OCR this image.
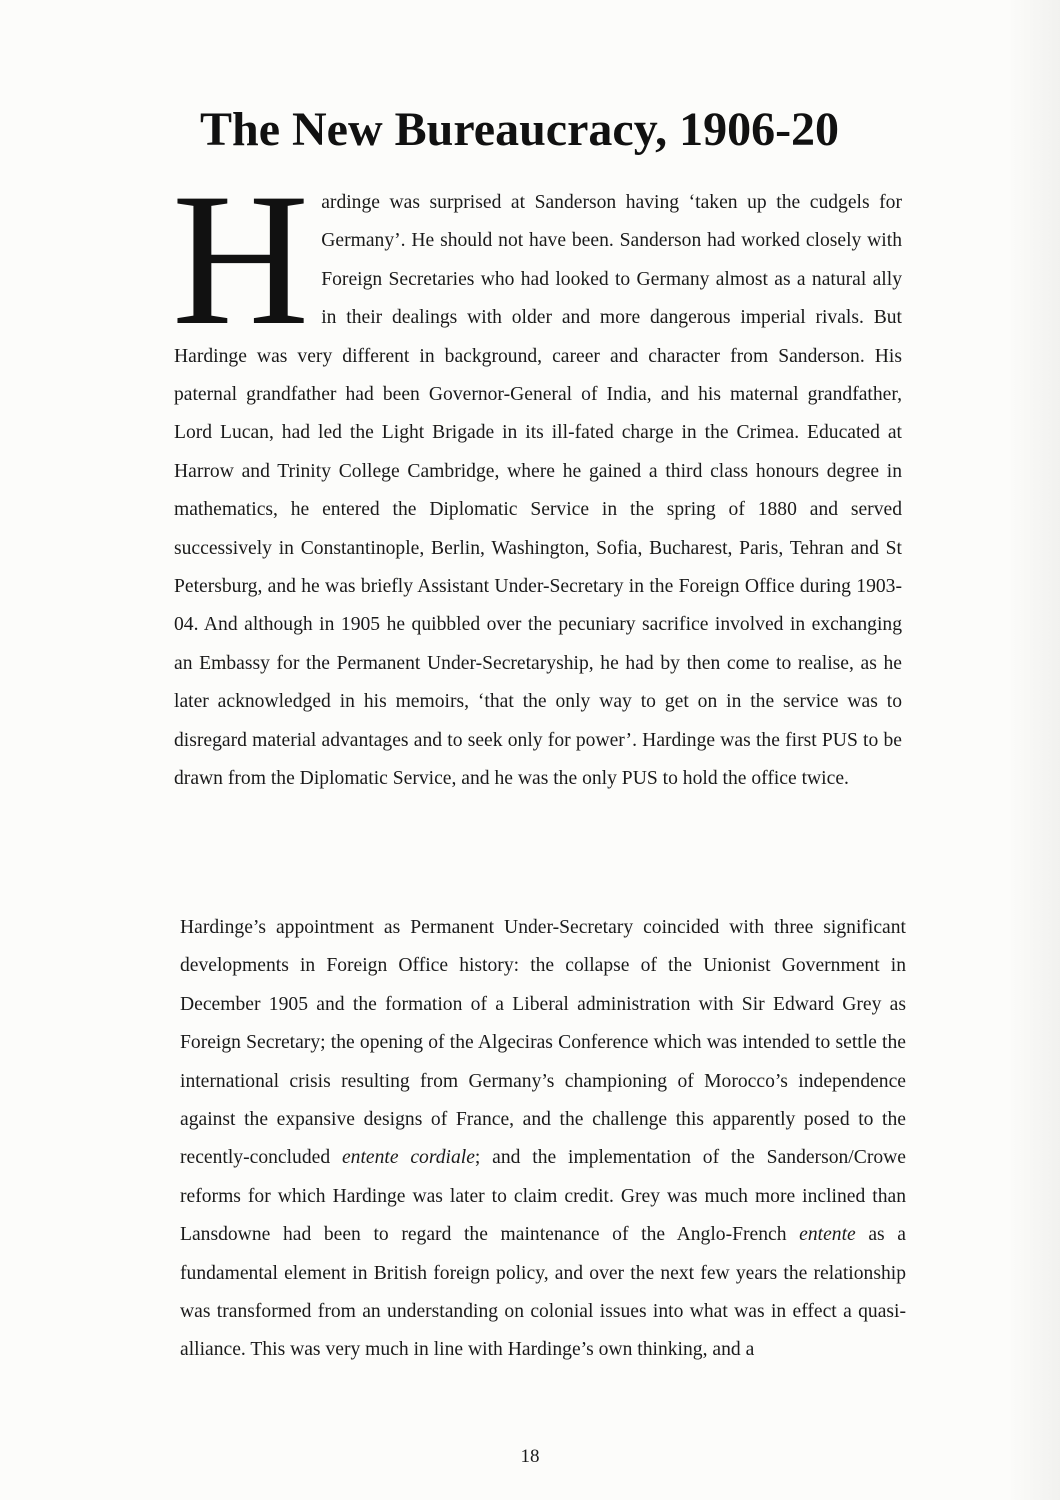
The New Bureaucracy, 1906-20

Hardinge was surprised at Sanderson having ‘taken up the cudgels for Germany’. He should not have been. Sanderson had worked closely with Foreign Secretaries who had looked to Germany almost as a natural ally in their dealings with older and more dangerous imperial rivals. But Hardinge was very different in background, career and character from Sanderson. His paternal grandfather had been Governor-General of India, and his maternal grandfather, Lord Lucan, had led the Light Brigade in its ill-fated charge in the Crimea. Educated at Harrow and Trinity College Cambridge, where he gained a third class honours degree in mathematics, he entered the Diplomatic Service in the spring of 1880 and served successively in Constantinople, Berlin, Washington, Sofia, Bucharest, Paris, Tehran and St Petersburg, and he was briefly Assistant Under-Secretary in the Foreign Office during 1903-04. And although in 1905 he quibbled over the pecuniary sacrifice involved in exchanging an Embassy for the Permanent Under-Secretaryship, he had by then come to realise, as he later acknowledged in his memoirs, ‘that the only way to get on in the service was to disregard material advantages and to seek only for power’. Hardinge was the first PUS to be drawn from the Diplomatic Service, and he was the only PUS to hold the office twice.

Hardinge’s appointment as Permanent Under-Secretary coincided with three significant developments in Foreign Office history: the collapse of the Unionist Government in December 1905 and the formation of a Liberal administration with Sir Edward Grey as Foreign Secretary; the opening of the Algeciras Conference which was intended to settle the international crisis resulting from Germany’s championing of Morocco’s independence against the expansive designs of France, and the challenge this apparently posed to the recently-concluded entente cordiale; and the implementation of the Sanderson/Crowe reforms for which Hardinge was later to claim credit. Grey was much more inclined than Lansdowne had been to regard the maintenance of the Anglo-French entente as a fundamental element in British foreign policy, and over the next few years the relationship was transformed from an understanding on colonial issues into what was in effect a quasi-alliance. This was very much in line with Hardinge’s own thinking, and a

18
